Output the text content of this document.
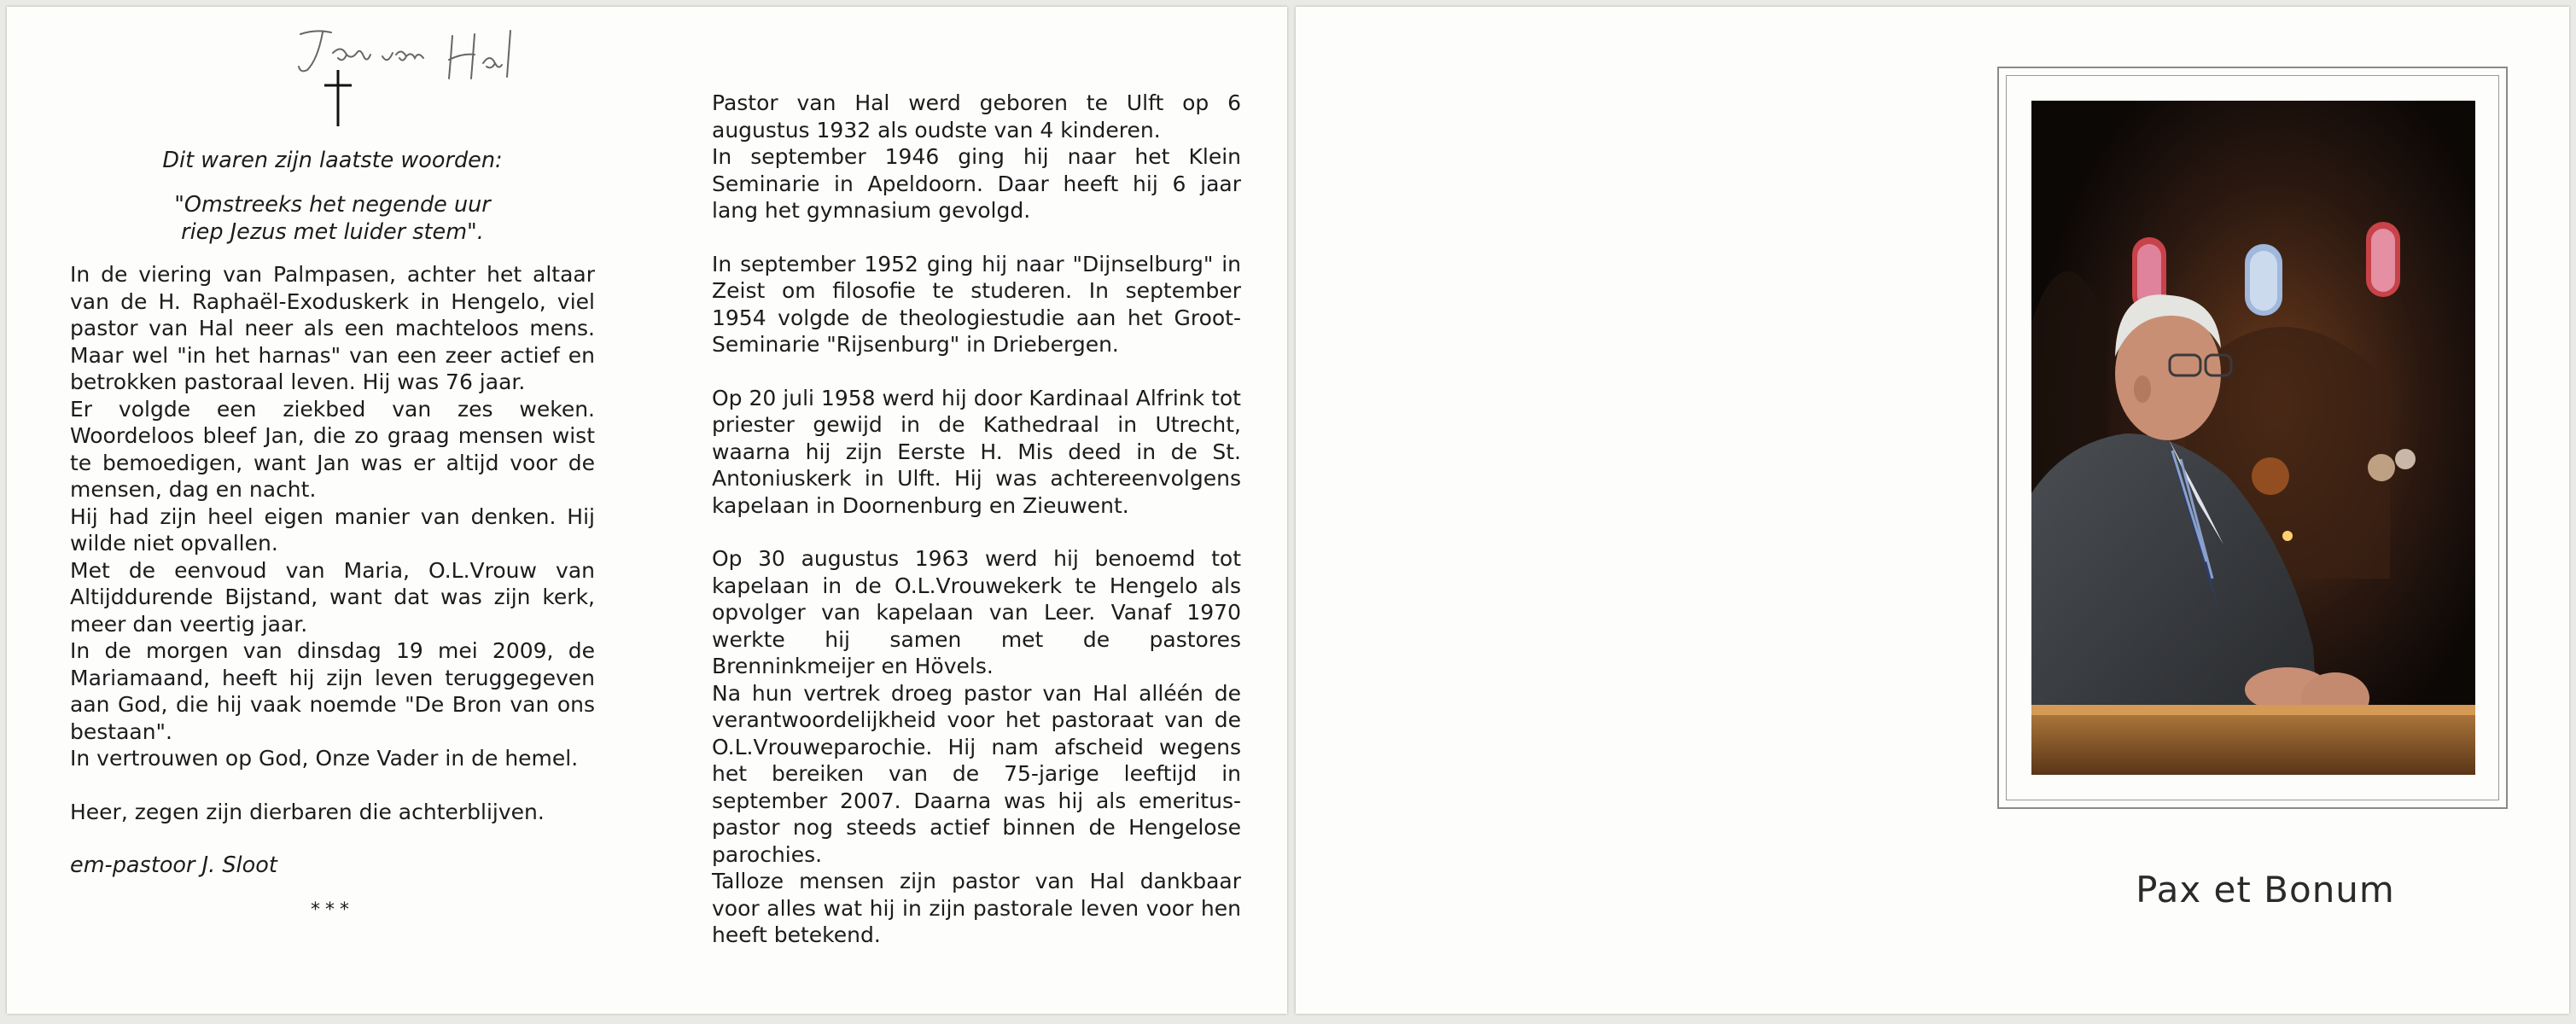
Dit waren zijn laatste woorden:

"Omstreeks het negende uur

riep Jezus met luider stem".

In de viering van Palmpasen, achter het altaar van de H. Raphaël-Exoduskerk in Hengelo, viel pastor van Hal neer als een machteloos mens. Maar wel "in het harnas" van een zeer actief en betrokken pastoraal leven. Hij was 76 jaar.

Er volgde een ziekbed van zes weken. Woordeloos bleef Jan, die zo graag mensen wist te bemoedigen, want Jan was er altijd voor de mensen, dag en nacht.

Hij had zijn heel eigen manier van denken. Hij wilde niet opvallen.

Met de eenvoud van Maria, O.L.Vrouw van Altijddurende Bijstand, want dat was zijn kerk, meer dan veertig jaar.

In de morgen van dinsdag 19 mei 2009, de Mariamaand, heeft hij zijn leven teruggegeven aan God, die hij vaak noemde "De Bron van ons bestaan".

In vertrouwen op God, Onze Vader in de hemel.

Heer, zegen zijn dierbaren die achterblijven.

em-pastoor J. Sloot

***

Pastor van Hal werd geboren te Ulft op 6 augustus 1932 als oudste van 4 kinderen.

In september 1946 ging hij naar het Klein Seminarie in Apeldoorn. Daar heeft hij 6 jaar lang het gymnasium gevolgd.

In september 1952 ging hij naar "Dijnselburg" in Zeist om filosofie te studeren. In september 1954 volgde de theologiestudie aan het Groot-Seminarie "Rijsenburg" in Driebergen.

Op 20 juli 1958 werd hij door Kardinaal Alfrink tot priester gewijd in de Kathedraal in Utrecht, waarna hij zijn Eerste H. Mis deed in de St. Antoniuskerk in Ulft. Hij was achtereenvolgens kapelaan in Doornenburg en Zieuwent.

Op 30 augustus 1963 werd hij benoemd tot kapelaan in de O.L.Vrouwekerk te Hengelo als opvolger van kapelaan van Leer. Vanaf 1970 werkte hij samen met de pastores Brenninkmeijer en Hövels.

Na hun vertrek droeg pastor van Hal alléén de verantwoordelijkheid voor het pastoraat van de O.L.Vrouweparochie. Hij nam afscheid wegens het bereiken van de 75-jarige leeftijd in september 2007. Daarna was hij als emeritus-pastor nog steeds actief binnen de Hengelose parochies.

Talloze mensen zijn pastor van Hal dankbaar voor alles wat hij in zijn pastorale leven voor hen heeft betekend.

Pax et Bonum
